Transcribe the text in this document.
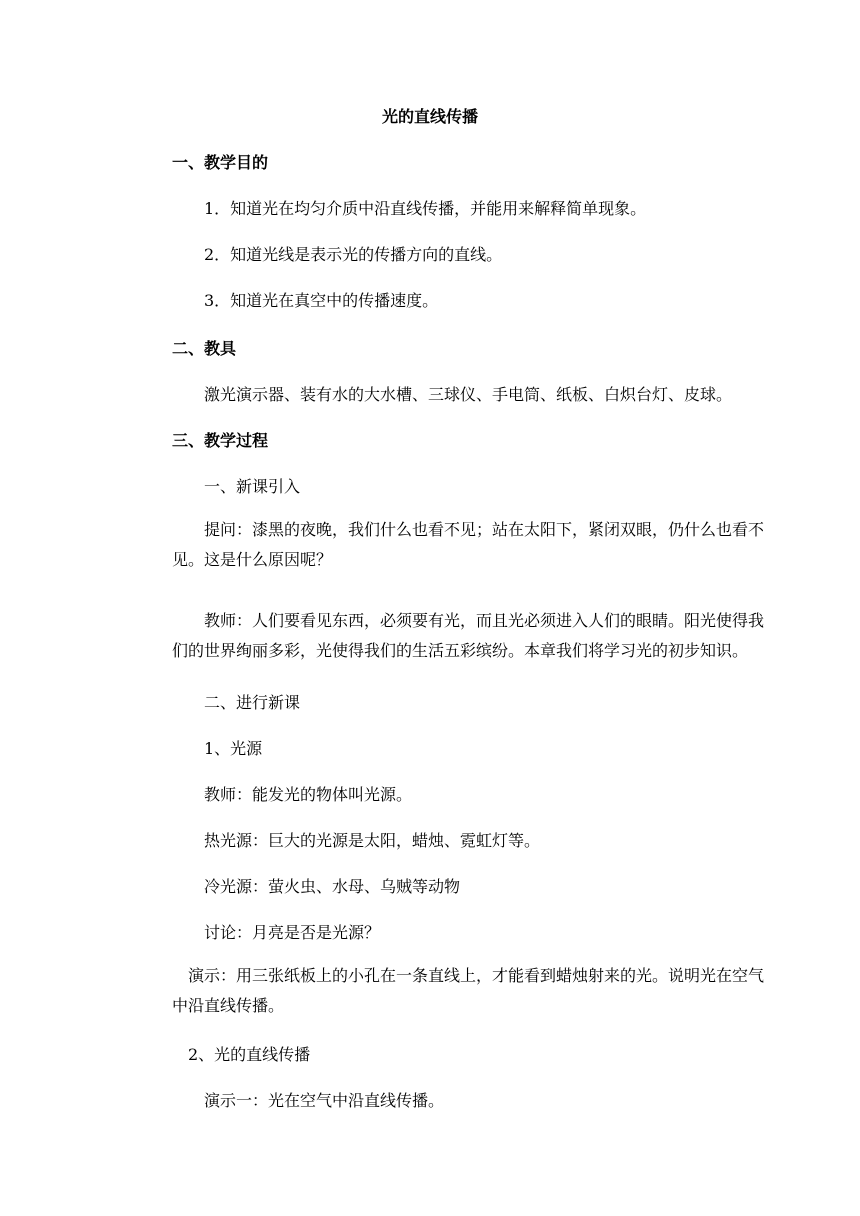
光的直线传播
一、教学目的
1．知道光在均匀介质中沿直线传播，并能用来解释简单现象。
2．知道光线是表示光的传播方向的直线。
3．知道光在真空中的传播速度。
二、教具
激光演示器、装有水的大水槽、三球仪、手电筒、纸板、白炽台灯、皮球。
三、教学过程
一、新课引入
提问：漆黑的夜晚，我们什么也看不见；站在太阳下，紧闭双眼，仍什么也看不见。这是什么原因呢？
教师：人们要看见东西，必须要有光，而且光必须进入人们的眼睛。阳光使得我们的世界绚丽多彩，光使得我们的生活五彩缤纷。本章我们将学习光的初步知识。
二、进行新课
1、光源
教师：能发光的物体叫光源。
热光源：巨大的光源是太阳，蜡烛、霓虹灯等。
冷光源：萤火虫、水母、乌贼等动物
讨论：月亮是否是光源？
演示：用三张纸板上的小孔在一条直线上，才能看到蜡烛射来的光。说明光在空气中沿直线传播。
2、光的直线传播
演示一：光在空气中沿直线传播。
